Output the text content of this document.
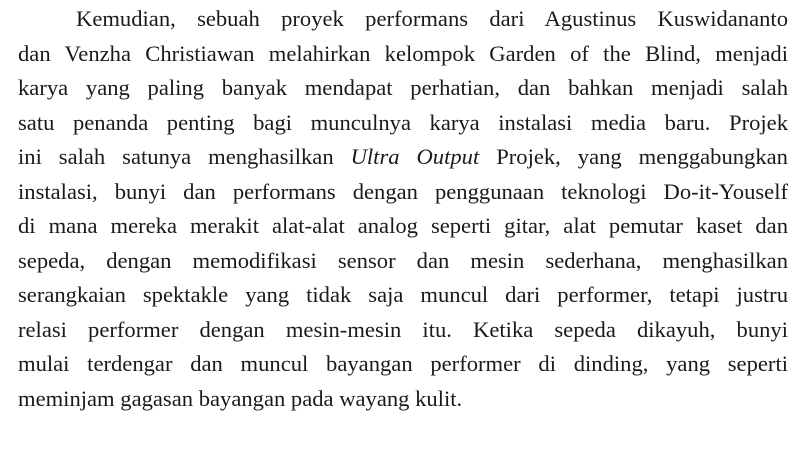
Kemudian, sebuah proyek performans dari Agustinus Kuswidananto
dan Venzha Christiawan melahirkan kelompok Garden of the Blind, menjadi
karya yang paling banyak mendapat perhatian, dan bahkan menjadi salah
satu penanda penting bagi munculnya karya instalasi media baru. Projek
ini salah satunya menghasilkan Ultra Output Projek, yang menggabungkan
instalasi, bunyi dan performans dengan penggunaan teknologi Do-it-Youself
di mana mereka merakit alat-alat analog seperti gitar, alat pemutar kaset dan
sepeda, dengan memodifikasi sensor dan mesin sederhana, menghasilkan
serangkaian spektakle yang tidak saja muncul dari performer, tetapi justru
relasi performer dengan mesin-mesin itu. Ketika sepeda dikayuh, bunyi
mulai terdengar dan muncul bayangan performer di dinding, yang seperti
meminjam gagasan bayangan pada wayang kulit.
